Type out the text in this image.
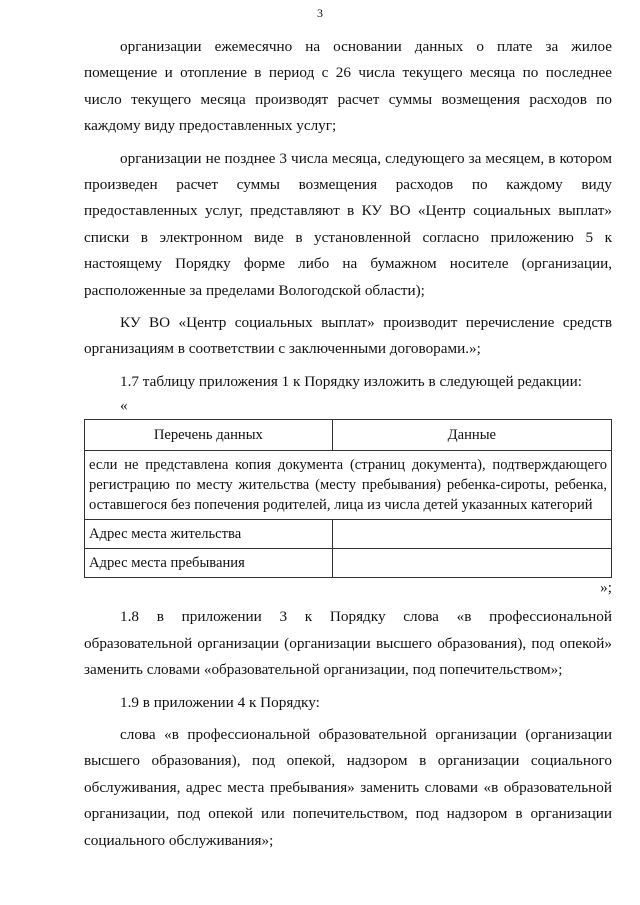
3

организации ежемесячно на основании данных о плате за жилое помещение и отопление в период с 26 числа текущего месяца по последнее число текущего месяца производят расчет суммы возмещения расходов по каждому виду предоставленных услуг;

организации не позднее 3 числа месяца, следующего за месяцем, в котором произведен расчет суммы возмещения расходов по каждому виду предоставленных услуг, представляют в КУ ВО «Центр социальных выплат» списки в электронном виде в установленной согласно приложению 5 к настоящему Порядку форме либо на бумажном носителе (организации, расположенные за пределами Вологодской области);

КУ ВО «Центр социальных выплат» производит перечисление средств организациям в соответствии с заключенными договорами.»;

1.7 таблицу приложения 1 к Порядку изложить в следующей редакции:

«
Перечень данных	Данные
если не представлена копия документа (страниц документа), подтверждающего регистрацию по месту жительства (месту пребывания) ребенка-сироты, ребенка, оставшегося без попечения родителей, лица из числа детей указанных категорий	
Адрес места жительства	
Адрес места пребывания	
»;

1.8 в приложении 3 к Порядку слова «в профессиональной образовательной организации (организации высшего образования), под опекой» заменить словами «образовательной организации, под попечительством»;

1.9 в приложении 4 к Порядку:

слова «в профессиональной образовательной организации (организации высшего образования), под опекой, надзором в организации социального обслуживания, адрес места пребывания» заменить словами «в образовательной организации, под опекой или попечительством, под надзором в организации социального обслуживания»;
